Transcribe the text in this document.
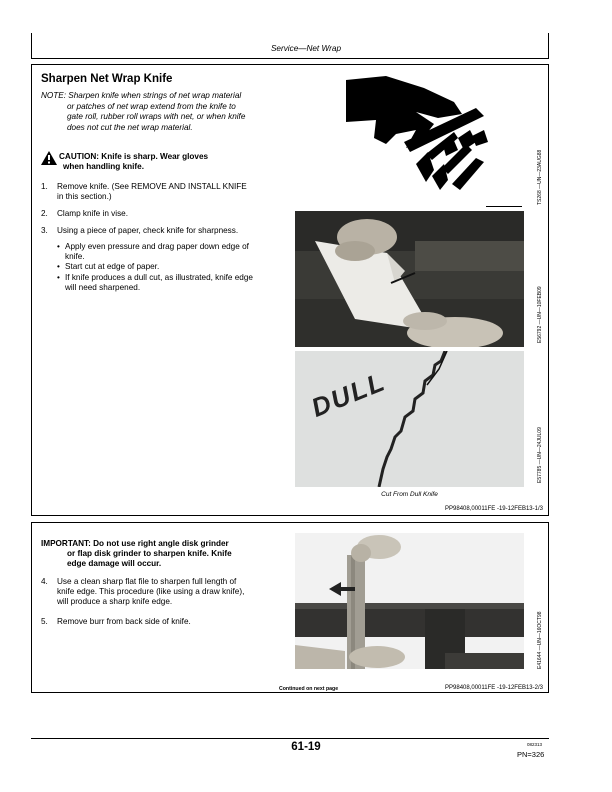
Service—Net Wrap
Sharpen Net Wrap Knife
NOTE: Sharpen knife when strings of net wrap material
or patches of net wrap extend from the knife to
gate roll, rubber roll wraps with net, or when knife
does not cut the net wrap material.
CAUTION: Knife is sharp. Wear gloves
when handling knife.
1.	Remove knife. (See REMOVE AND INSTALL KNIFE
in this section.)
2.	Clamp knife in vise.
3.	Using a piece of paper, check knife for sharpness.
• Apply even pressure and drag paper down edge of
knife.
• Start cut at edge of paper.
• If knife produces a dull cut, as illustrated, knife edge
will need sharpened.
DULL
TS268 —UN—23AUG88
E56792 —UN—10FEB09
E57785 —UN—24JUL09
Cut From Dull Knife
PP98408,00011FE -19-12FEB13-1/3
IMPORTANT: Do not use right angle disk grinder
or flap disk grinder to sharpen knife. Knife
edge damage will occur.
4.	Use a clean sharp flat file to sharpen full length of
knife edge. This procedure (like using a draw knife),
will produce a sharp knife edge.
5.	Remove burr from back side of knife.	E41644 —UN—16OCT98
Continued on next page	PP98408,00011FE -19-12FEB13-2/3
61-19	082313
PN=326
